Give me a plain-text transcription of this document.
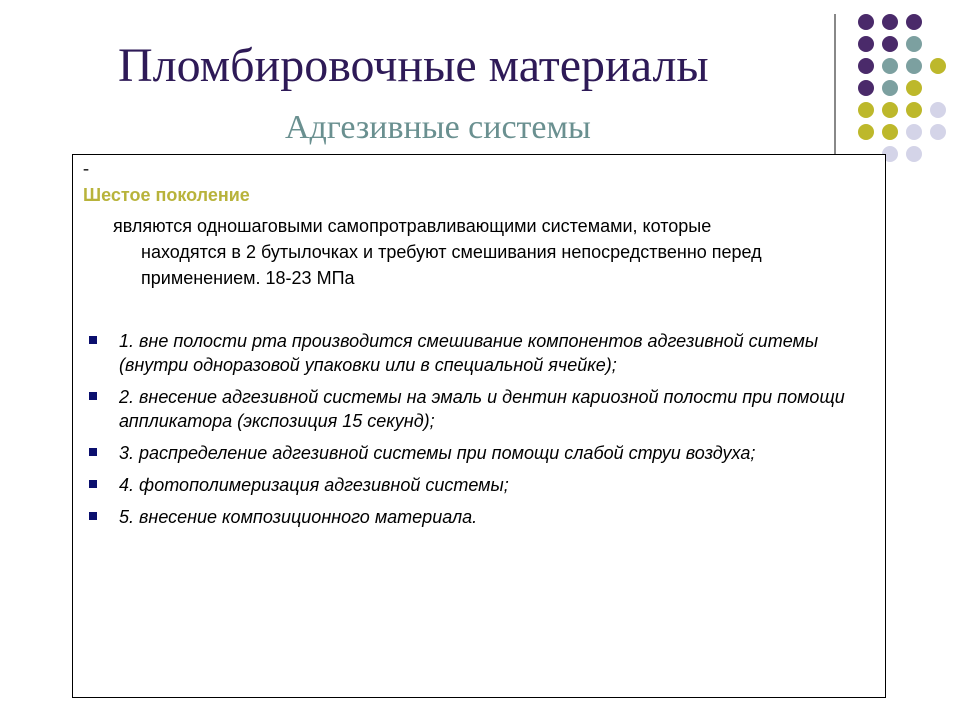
Пломбировочные материалы
Адгезивные системы
-
Шестое поколение
являются одношаговыми самопротравливающими системами, которые находятся в 2 бутылочках и требуют смешивания непосредственно перед применением. 18-23 МПа
1. вне полости рта производится смешивание компонентов адгезивной ситемы (внутри одноразовой упаковки или в специальной ячейке);
2. внесение адгезивной системы на эмаль и дентин кариозной полости при помощи аппликатора (экспозиция 15 секунд);
3. распределение адгезивной системы при помощи слабой струи воздуха;
4. фотополимеризация адгезивной системы;
5. внесение композиционного материала.
